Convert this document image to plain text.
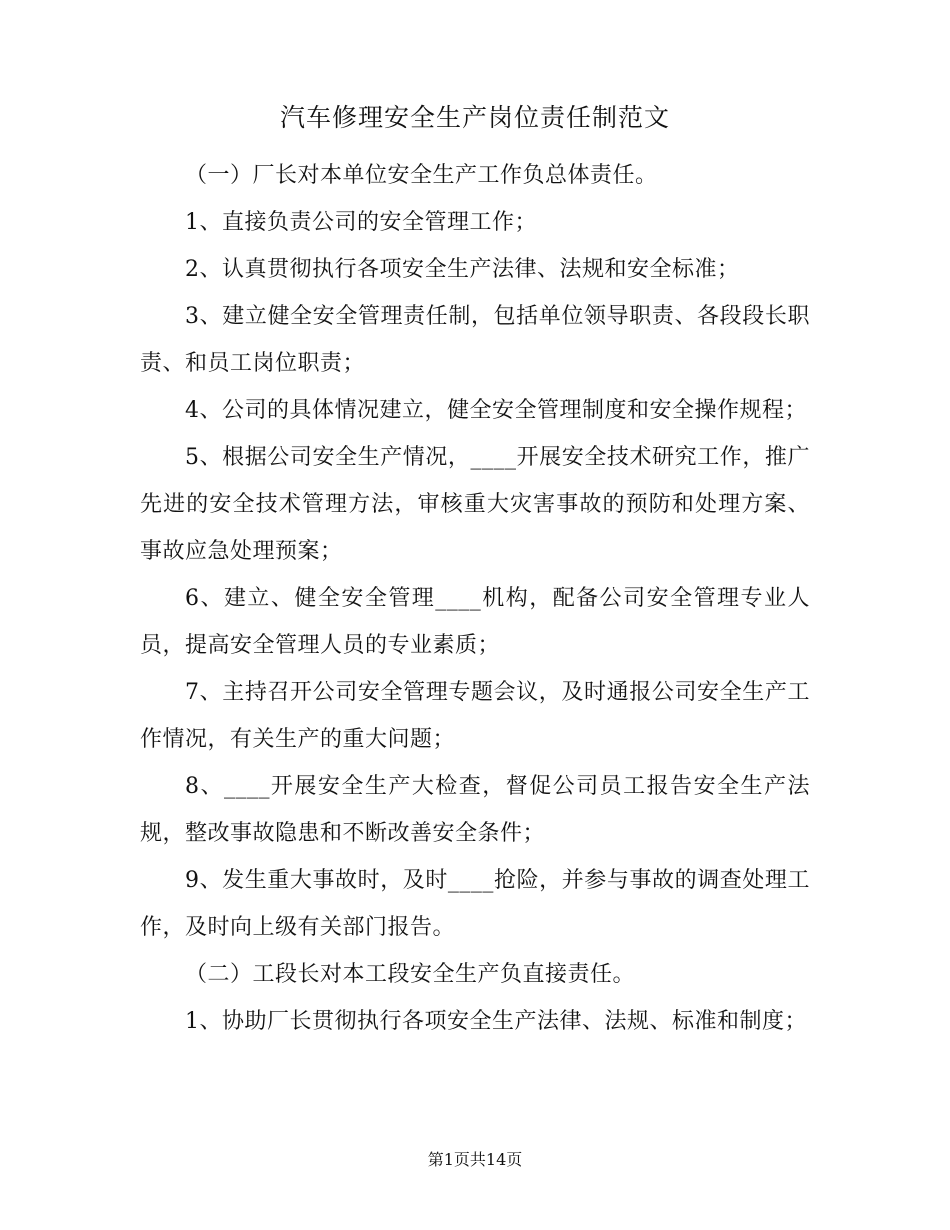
汽车修理安全生产岗位责任制范文

（一）厂长对本单位安全生产工作负总体责任。

1、直接负责公司的安全管理工作；

2、认真贯彻执行各项安全生产法律、法规和安全标准；

3、建立健全安全管理责任制，包括单位领导职责、各段段长职责、和员工岗位职责；

4、公司的具体情况建立，健全安全管理制度和安全操作规程；

5、根据公司安全生产情况，____开展安全技术研究工作，推广先进的安全技术管理方法，审核重大灾害事故的预防和处理方案、事故应急处理预案；

6、建立、健全安全管理____机构，配备公司安全管理专业人员，提高安全管理人员的专业素质；

7、主持召开公司安全管理专题会议，及时通报公司安全生产工作情况，有关生产的重大问题；

8、____开展安全生产大检查，督促公司员工报告安全生产法规，整改事故隐患和不断改善安全条件；

9、发生重大事故时，及时____抢险，并参与事故的调查处理工作，及时向上级有关部门报告。

（二）工段长对本工段安全生产负直接责任。

1、协助厂长贯彻执行各项安全生产法律、法规、标准和制度；

第1页共14页
